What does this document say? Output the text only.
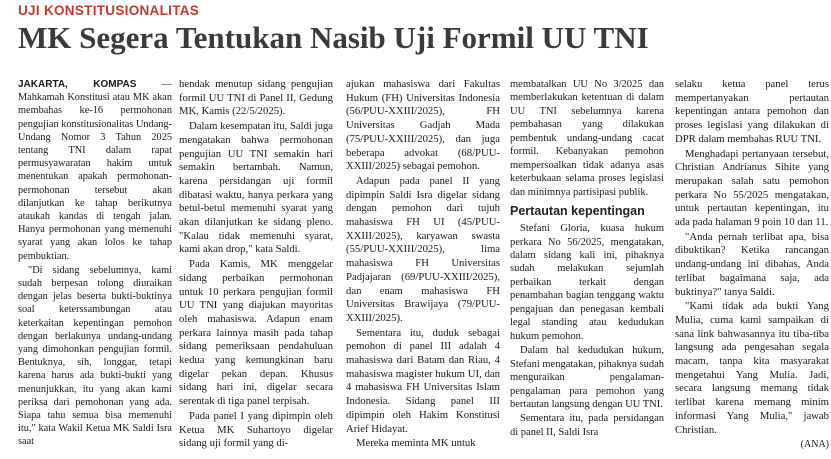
UJI KONSTITUSIONALITAS
MK Segera Tentukan Nasib Uji Formil UU TNI

JAKARTA, KOMPAS — Mahkamah Konstitusi atau MK akan membahas ke-16 permohonan pengujian konstitusionalitas Undang-Undang Nomor 3 Tahun 2025 tentang TNI dalam rapat permusyawaratan hakim untuk menentukan apakah permohonan-permohonan tersebut akan dilanjutkan ke tahap berikutnya ataukah kandas di tengah jalan. Hanya permohonan yang memenuhi syarat yang akan lolos ke tahap pembuktian.

"Di sidang sebelumnya, kami sudah berpesan tolong diuraikan dengan jelas beserta bukti-buktinya soal keterssambungan atau keterkaitan kepentingan pemohon dengan berlakunya undang-undang yang dimohonkan pengujian formil. Bentuknya, sih, longgar, tetapi karena harus ada bukti-bukti yang menunjukkan, itu yang akan kami periksa dari pemohonan yang ada. Siapa tahu semua bisa memenuhi itu," kata Wakil Ketua MK Saldi Isra saat

hendak menutup sidang pengujian formil UU TNI di Panel II, Gedung MK, Kamis (22/5/2025).

Dalam kesempatan itu, Saldi juga mengatakan bahwa permohonan pengujian UU TNI semakin hari semakin bertambah. Namun, karena persidangan uji formil dibatasi waktu, hanya perkara yang betul-betul memenuhi syarat yang akan dilanjutkan ke sidang pleno. "Kalau tidak memenuhi syarat, kami akan drop," kata Saldi.

Pada Kamis, MK menggelar sidang perbaikan permohonan untuk 10 perkara pengujian formil UU TNI yang diajukan mayoritas oleh mahasiswa. Adapun enam perkara lainnya masih pada tahap sidang pemeriksaan pendahuluan kedua yang kemungkinan baru digelar pekan depan. Khusus sidang hari ini, digelar secara serentak di tiga panel terpisah.

Pada panel I yang dipimpin oleh Ketua MK Suhartoyo digelar sidang uji formil yang di-

ajukan mahasiswa dari Fakultas Hukum (FH) Universitas Indonesia (56/PUU-XXIII/2025), FH Universitas Gadjah Mada (75/PUU-XXIII/2025), dan juga beberapa advokat (68/PUU-XXIII/2025) sebagai pemohon.

Adapun pada panel II yang dipimpin Saldi Isra digelar sidang dengan pemohon dari tujuh mahasiswa FH UI (45/PUU-XXIII/2025), karyawan swasta (55/PUU-XXIII/2025), lima mahasiswa FH Universitas Padjajaran (69/PUU-XXIII/2025), dan enam mahasiswa FH Universitas Brawijaya (79/PUU-XXIII/2025).

Sementara itu, duduk sebagai pemohon di panel III adalah 4 mahasiswa dari Batam dan Riau, 4 mahasiswa magister hukum UI, dan 4 mahasiswa FH Universitas Islam Indonesia. Sidang panel III dipimpin oleh Hakim Konstitusi Arief Hidayat.

Mereka meminta MK untuk

membatalkan UU No 3/2025 dan memberlakukan ketentuan di dalam UU TNI sebelumnya karena pembahasan yang dilakukan pembentuk undang-undang cacat formil. Kebanyakan pemohon mempersoalkan tidak adanya asas keterbukaan selama proses legislasi dan minimnya partisipasi publik.

Pertautan kepentingan

Stefani Gloria, kuasa hukum perkara No 56/2025, mengatakan, dalam sidang kali ini, pihaknya sudah melakukan sejumlah perbaikan terkait dengan penambahan bagian tenggang waktu pengajuan dan penegasan kembali legal standing atau kedudukan hukum pemohon.

Dalam hal kedudukan hukum, Stefani mengatakan, pihaknya sudah menguraikan pengalaman-pengalaman para pemohon yang bertautan langsung dengan UU TNI.

Sementara itu, pada persidangan di panel II, Saldi Isra

selaku ketua panel terus mempertanyakan pertautan kepentingan antara pemohon dan proses legislasi yang dilakukan di DPR dalam membahas RUU TNI.

Menghadapi pertanyaan tersebut, Christian Andrianus Sihite yang merupakan salah satu pemohon perkara No 55/2025 mengatakan, untuk pertautan kepentingan, itu ada pada halaman 9 poin 10 dan 11.

"Anda pernah terlibat apa, bisa dibuktikan? Ketika rancangan undang-undang ini dibahas, Anda terlibat bagaimana saja, ada buktinya?" tanya Saldi.

"Kami tidak ada bukti Yang Mulia, cuma kami sampaikan di sana link bahwasannya itu tiba-tiba langsung ada pengesahan segala macam, tanpa kita masyarakat mengetahui Yang Mulia. Jadi, secara langsung memang tidak terlibat karena memang minim informasi Yang Mulia," jawab Christian.

(ANA)
